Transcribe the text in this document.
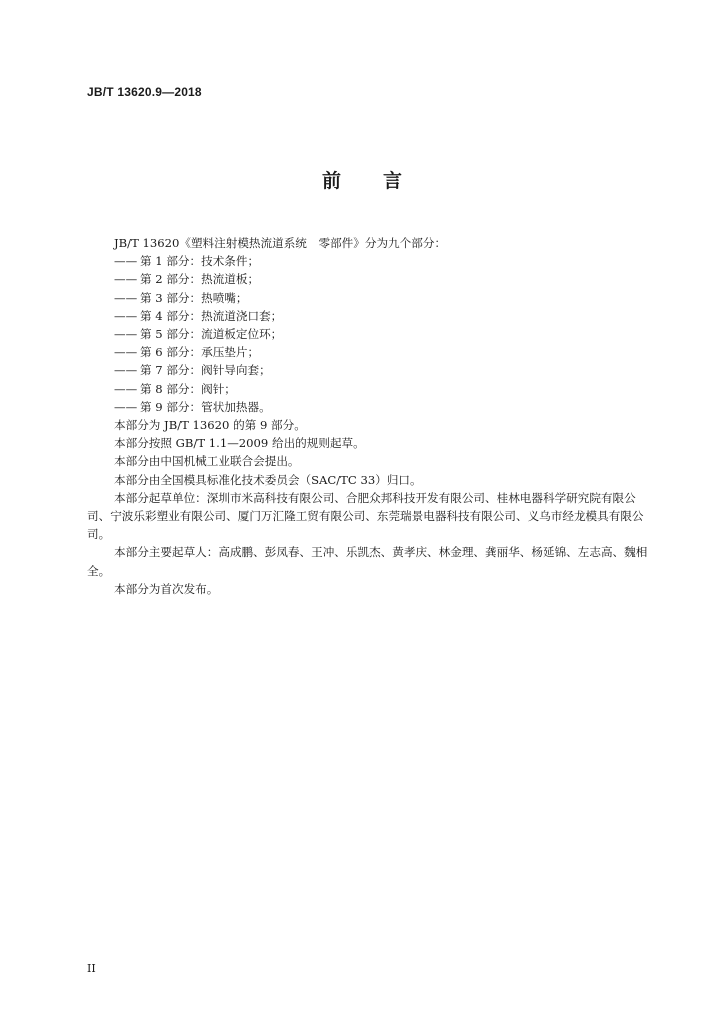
JB/T 13620.9—2018
前 言

JB/T 13620《塑料注射模热流道系统　零部件》分为九个部分：

—— 第 1 部分：技术条件；

—— 第 2 部分：热流道板；

—— 第 3 部分：热喷嘴；

—— 第 4 部分：热流道浇口套；

—— 第 5 部分：流道板定位环；

—— 第 6 部分：承压垫片；

—— 第 7 部分：阀针导向套；

—— 第 8 部分：阀针；

—— 第 9 部分：管状加热器。

本部分为 JB/T 13620 的第 9 部分。

本部分按照 GB/T 1.1—2009 给出的规则起草。

本部分由中国机械工业联合会提出。

本部分由全国模具标准化技术委员会（SAC/TC 33）归口。

本部分起草单位：深圳市米高科技有限公司、合肥众邦科技开发有限公司、桂林电器科学研究院有限公司、宁波乐彩塑业有限公司、厦门万汇隆工贸有限公司、东莞瑞景电器科技有限公司、义乌市经龙模具有限公司。

本部分主要起草人：高成鹏、彭凤春、王冲、乐凯杰、黄孝庆、林金理、龚丽华、杨延锦、左志高、魏相全。

本部分为首次发布。

II
